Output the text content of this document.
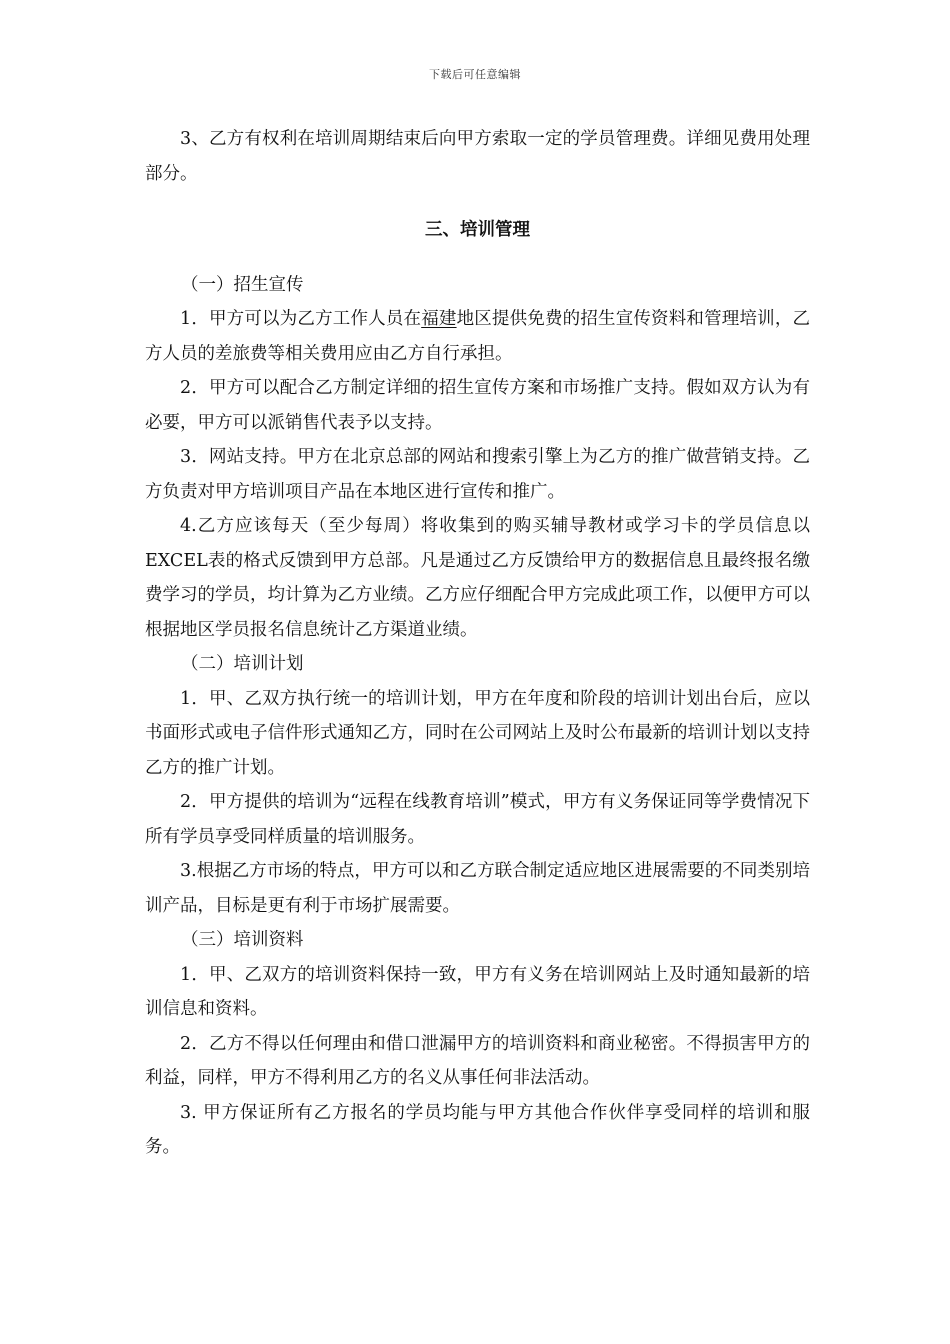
下载后可任意编辑

3、乙方有权利在培训周期结束后向甲方索取一定的学员管理费。详细见费用处理部分。

三、培训管理

（一）招生宣传

1．甲方可以为乙方工作人员在福建地区提供免费的招生宣传资料和管理培训，乙方人员的差旅费等相关费用应由乙方自行承担。

2．甲方可以配合乙方制定详细的招生宣传方案和市场推广支持。假如双方认为有必要，甲方可以派销售代表予以支持。

3．网站支持。甲方在北京总部的网站和搜索引擎上为乙方的推广做营销支持。乙方负责对甲方培训项目产品在本地区进行宣传和推广。

4.乙方应该每天（至少每周）将收集到的购买辅导教材或学习卡的学员信息以EXCEL表的格式反馈到甲方总部。凡是通过乙方反馈给甲方的数据信息且最终报名缴费学习的学员，均计算为乙方业绩。乙方应仔细配合甲方完成此项工作，以便甲方可以根据地区学员报名信息统计乙方渠道业绩。

（二）培训计划

1．甲、乙双方执行统一的培训计划，甲方在年度和阶段的培训计划出台后，应以书面形式或电子信件形式通知乙方，同时在公司网站上及时公布最新的培训计划以支持乙方的推广计划。

2．甲方提供的培训为“远程在线教育培训”模式，甲方有义务保证同等学费情况下所有学员享受同样质量的培训服务。

3.根据乙方市场的特点，甲方可以和乙方联合制定适应地区进展需要的不同类别培训产品，目标是更有利于市场扩展需要。

（三）培训资料

1．甲、乙双方的培训资料保持一致，甲方有义务在培训网站上及时通知最新的培训信息和资料。

2．乙方不得以任何理由和借口泄漏甲方的培训资料和商业秘密。不得损害甲方的利益，同样，甲方不得利用乙方的名义从事任何非法活动。

3. 甲方保证所有乙方报名的学员均能与甲方其他合作伙伴享受同样的培训和服务。
